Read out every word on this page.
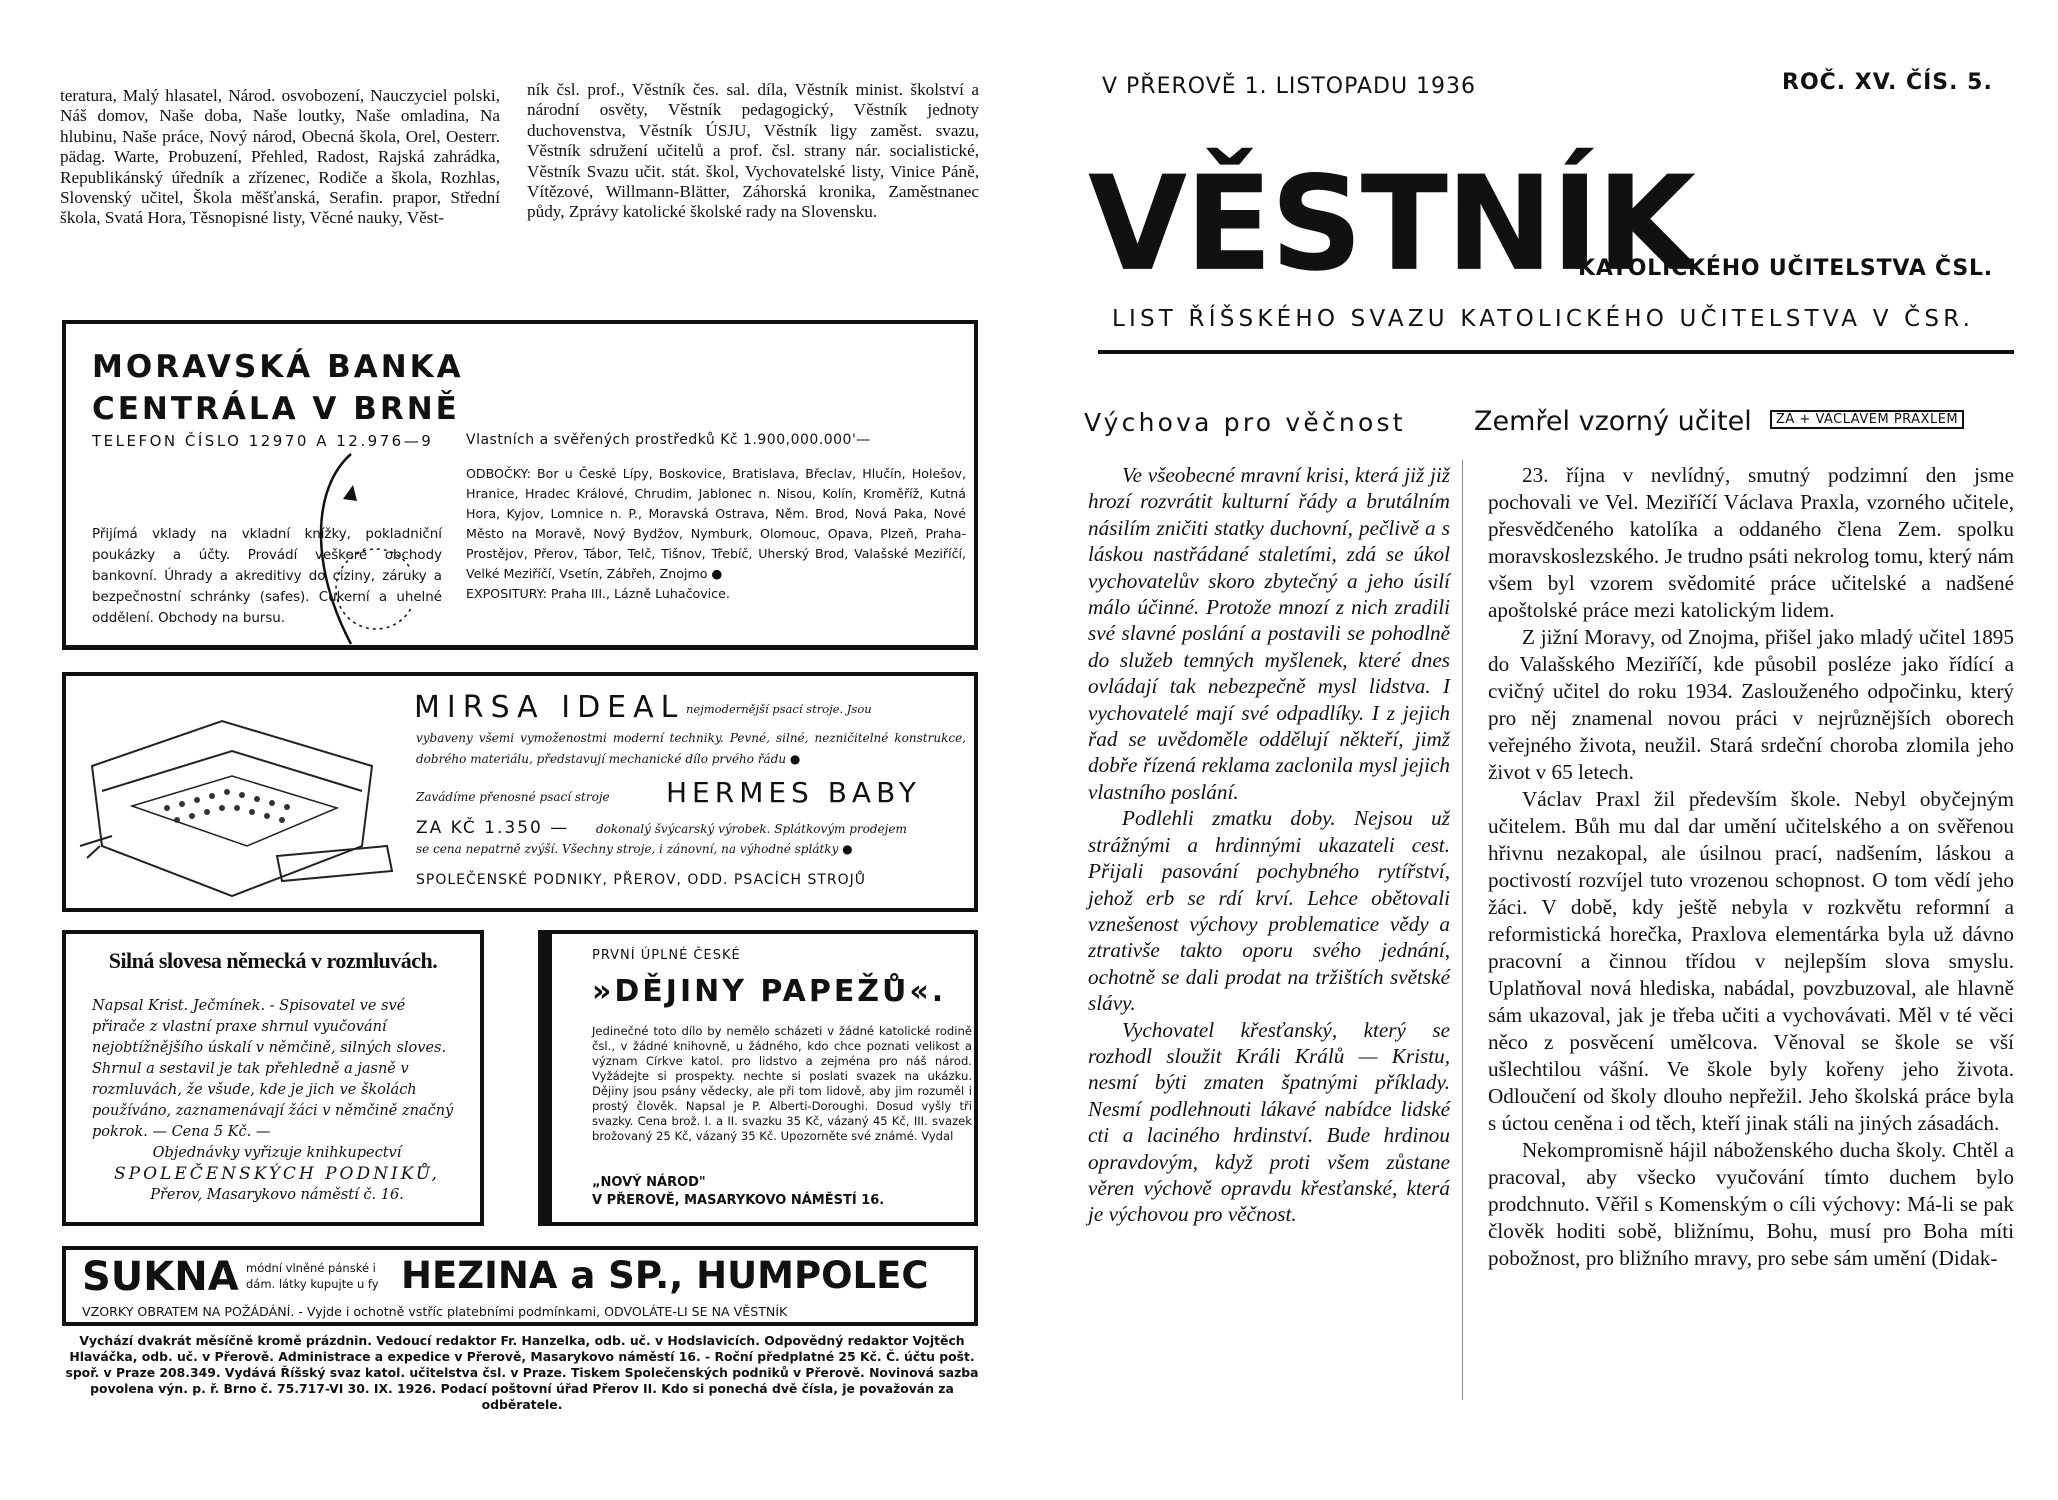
teratura, Malý hlasatel, Národ. osvobození, Nauczyciel polski, Náš domov, Naše doba, Naše loutky, Naše omladina, Na hlubinu, Naše práce, Nový národ, Obecná škola, Orel, Oesterr. pädag. Warte, Probuzení, Přehled, Radost, Rajská zahrádka, Republikánský úředník a zřízenec, Rodiče a škola, Rozhlas, Slovenský učitel, Škola měšťanská, Serafin. prapor, Střední škola, Svatá Hora, Těsnopisné listy, Věcné nauky, Věst-
ník čsl. prof., Věstník čes. sal. díla, Věstník minist. školství a národní osvěty, Věstník pedagogický, Věstník jednoty duchovenstva, Věstník ÚSJU, Věstník ligy zaměst. svazu, Věstník sdružení učitelů a prof. čsl. strany nár. socialistické, Věstník Svazu učit. stát. škol, Vychovatelské listy, Vinice Páně, Vítězové, Willmann-Blätter, Záhorská kronika, Zaměstnanec půdy, Zprávy katolické školské rady na Slovensku.
MORAVSKÁ BANKA
CENTRÁLA V BRNĚ
TELEFON ČÍSLO 12970 A 12.976—9 Vlastních a svěřených prostředků Kč 1.900,000.000'—
Přijímá vklady na vkladní knížky, pokladniční poukázky a účty. Provádí veškeré obchody bankovní. Úhrady a akreditivy do ciziny, záruky a bezpečnostní schránky (safes). Cukerní a uhelné oddělení. Obchody na bursu.
ODBOČKY: Bor u České Lípy, Boskovice, Bratislava, Břeclav, Hlučín, Holešov, Hranice, Hradec Králové, Chrudim, Jablonec n. Nisou, Kolín, Kroměříž, Kutná Hora, Kyjov, Lomnice n. P., Moravská Ostrava, Něm. Brod, Nová Paka, Nové Město na Moravě, Nový Bydžov, Nymburk, Olomouc, Opava, Plzeň, Praha-Prostějov, Přerov, Tábor, Telč, Tišnov, Třebíč, Uherský Brod, Valašské Meziříčí, Velké Meziříčí, Vsetín, Zábřeh, Znojmo ●
EXPOSITURY: Praha III., Lázně Luhačovice.
MIRSA IDEAL nejmodernější psací stroje. Jsou
vybaveny všemi vymoženostmi moderní techniky. Pevné, silné, nezničitelné konstrukce, dobrého materiálu, představují mechanické dílo prvého řádu ●
Zavádíme přenosné psací stroje HERMES BABY
ZA KČ 1.350 — dokonalý švýcarský výrobek. Splátkovým prodejem
se cena nepatrně zvýší. Všechny stroje, i zánovní, na výhodné splátky ●
SPOLEČENSKÉ PODNIKY, PŘEROV, ODD. PSACÍCH STROJŮ
Silná slovesa německá v rozmluvách.
Napsal Krist. Ječmínek. - Spisovatel ve své přirače z vlastní praxe shrnul vyučování nejobtížnějšího úskalí v němčině, silných sloves. Shrnul a sestavil je tak přehledně a jasně v rozmluvách, že všude, kde je jich ve školách používáno, zaznamenávají žáci v němčině značný pokrok. — Cena 5 Kč. —
Objednávky vyřizuje knihkupectví
SPOLEČENSKÝCH PODNIKŮ,
Přerov, Masarykovo náměstí č. 16.
PRVNÍ ÚPLNÉ ČESKÉ
»DĚJINY PAPEŽŮ«.
Jedinečné toto dílo by nemělo scházeti v žádné katolické rodině čsl., v žádné knihovně, u žádného, kdo chce poznati velikost a význam Církve katol. pro lidstvo a zejména pro náš národ. Vyžádejte si prospekty. nechte si poslati svazek na ukázku. Dějiny jsou psány vědecky, ale při tom lidově, aby jim rozuměl i prostý člověk. Napsal je P. Alberti-Doroughi. Dosud vyšly tři svazky. Cena brož. I. a II. svazku 35 Kč, vázaný 45 Kč, III. svazek brožovaný 25 Kč, vázaný 35 Kč. Upozorněte své známé. Vydal
„NOVÝ NÁROD"
V PŘEROVĚ, MASARYKOVO NÁMĚSTÍ 16.
SUKNA módní vlněné pánské i
dám. látky kupujte u fy HEZINA a SP., HUMPOLEC
VZORKY OBRATEM NA POŽÁDÁNÍ. - Vyjde i ochotně vstříc platebními podmínkami, ODVOLÁTE-LI SE NA VĚSTNÍK
Vychází dvakrát měsíčně kromě prázdnin. Vedoucí redaktor Fr. Hanzelka, odb. uč. v Hodslavicích. Odpovědný redaktor Vojtěch Hlaváčka, odb. uč. v Přerově. Administrace a expedice v Přerově, Masarykovo náměstí 16. - Roční předplatné 25 Kč. Č. účtu pošt. spoř. v Praze 208.349. Vydává Říšský svaz katol. učitelstva čsl. v Praze. Tiskem Společenských podniků v Přerově. Novinová sazba povolena výn. p. ř. Brno č. 75.717-VI 30. IX. 1926. Podací poštovní úřad Přerov II. Kdo si ponechá dvě čísla, je považován za odběratele.
V PŘEROVĚ 1. LISTOPADU 1936	ROČ. XV. ČÍS. 5.
VĚSTNÍK
KATOLICKÉHO UČITELSTVA ČSL.
LIST ŘÍŠSKÉHO SVAZU KATOLICKÉHO UČITELSTVA V ČSR.
Výchova pro věčnost

Ve všeobecné mravní krisi, která již již hrozí rozvrátit kulturní řády a brutálním násilím zničiti statky duchovní, pečlivě a s láskou nastřádané staletími, zdá se úkol vychovatelův skoro zbytečný a jeho úsilí málo účinné. Protože mnozí z nich zradili své slavné poslání a postavili se pohodlně do služeb temných myšlenek, které dnes ovládají tak nebezpečně mysl lidstva. I vychovatelé mají své odpadlíky. I z jejich řad se uvědoměle oddělují někteří, jimž dobře řízená reklama zaclonila mysl jejich vlastního poslání.

Podlehli zmatku doby. Nejsou už strážnými a hrdinnými ukazateli cest. Přijali pasování pochybného rytířství, jehož erb se rdí krví. Lehce obětovali vznešenost výchovy problematice vědy a ztrativše takto oporu svého jednání, ochotně se dali prodat na tržištích světské slávy.

Vychovatel křesťanský, který se rozhodl sloužit Králi Králů — Kristu, nesmí býti zmaten špatnými příklady. Nesmí podlehnouti lákavé nabídce lidské cti a laciného hrdinství. Bude hrdinou opravdovým, když proti všem zůstane věren výchově opravdu křesťanské, která je výchovou pro věčnost.

Zemřel vzorný učitel	ZA + VÁCLAVEM PRAXLEM

23. října v nevlídný, smutný podzimní den jsme pochovali ve Vel. Meziříčí Václava Praxla, vzorného učitele, přesvědčeného katolíka a oddaného člena Zem. spolku moravskoslezského. Je trudno psáti nekrolog tomu, který nám všem byl vzorem svědomité práce učitelské a nadšené apoštolské práce mezi katolickým lidem.

Z jižní Moravy, od Znojma, přišel jako mladý učitel 1895 do Valašského Meziříčí, kde působil posléze jako řídící a cvičný učitel do roku 1934. Zaslouženého odpočinku, který pro něj znamenal novou práci v nejrůznějších oborech veřejného života, neužil. Stará srdeční choroba zlomila jeho život v 65 letech.

Václav Praxl žil především škole. Nebyl obyčejným učitelem. Bůh mu dal dar umění učitelského a on svěřenou hřivnu nezakopal, ale úsilnou prací, nadšením, láskou a poctivostí rozvíjel tuto vrozenou schopnost. O tom vědí jeho žáci. V době, kdy ještě nebyla v rozkvětu reformní a reformistická horečka, Praxlova elementárka byla už dávno pracovní a činnou třídou v nejlepším slova smyslu. Uplatňoval nová hlediska, nabádal, povzbuzoval, ale hlavně sám ukazoval, jak je třeba učiti a vychovávati. Měl v té věci něco z posvěcení umělcova. Věnoval se škole se vší ušlechtilou vášní. Ve škole byly kořeny jeho života. Odloučení od školy dlouho nepřežil. Jeho školská práce byla s úctou ceněna i od těch, kteří jinak stáli na jiných zásadách.

Nekompromisně hájil náboženského ducha školy. Chtěl a pracoval, aby všecko vyučování tímto duchem bylo prodchnuto. Věřil s Komenským o cíli výchovy: Má-li se pak člověk hoditi sobě, bližnímu, Bohu, musí pro Boha míti pobožnost, pro bližního mravy, pro sebe sám umění (Didak-
